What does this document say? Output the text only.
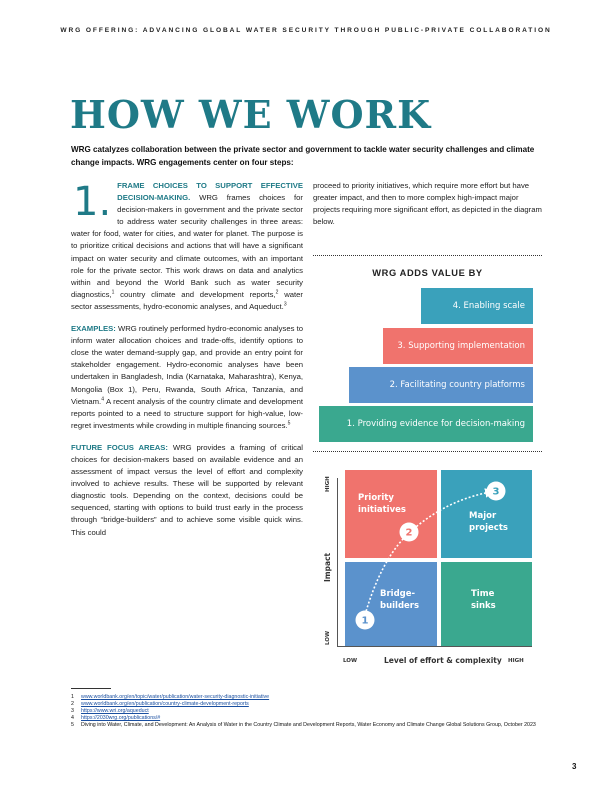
WRG OFFERING: ADVANCING GLOBAL WATER SECURITY THROUGH PUBLIC-PRIVATE COLLABORATION
HOW WE WORK

WRG catalyzes collaboration between the private sector and government to tackle water security challenges and climate change impacts. WRG engagements center on four steps:

1. FRAME CHOICES TO SUPPORT EFFECTIVE DECISION-MAKING. WRG frames choices for decision-makers in government and the private sector to address water security challenges in three areas: water for food, water for cities, and water for planet. The purpose is to prioritize critical decisions and actions that will have a significant impact on water security and climate outcomes, with an important role for the private sector. This work draws on data and analytics within and beyond the World Bank such as water security diagnostics,$^1$ country climate and development reports,$^2$ water sector assessments, hydro-economic analyses, and Aqueduct.$^3$

EXAMPLES: WRG routinely performed hydro-economic analyses to inform water allocation choices and trade-offs, identify options to close the water demand-supply gap, and provide an entry point for stakeholder engagement. Hydro-economic analyses have been undertaken in Bangladesh, India (Karnataka, Maharashtra), Kenya, Mongolia (Box 1), Peru, Rwanda, South Africa, Tanzania, and Vietnam.$^4$ A recent analysis of the country climate and development reports pointed to a need to structure support for high-value, low-regret investments while crowding in multiple financing sources.$^5$

FUTURE FOCUS AREAS: WRG provides a framing of critical choices for decision-makers based on available evidence and an assessment of impact versus the level of effort and complexity involved to achieve results. These will be supported by relevant diagnostic tools. Depending on the context, decisions could be sequenced, starting with options to build trust early in the process through “bridge-builders” and to achieve some visible quick wins. This could

proceed to priority initiatives, which require more effort but have greater impact, and then to more complex high-impact major projects requiring more significant effort, as depicted in the diagram below.

WRG ADDS VALUE BY
4. Enabling scale
3. Supporting implementation
2. Facilitating country platforms
1. Providing evidence for decision-making
Priority initiatives
Major projects
Bridge-builders
Time sinks
1
2
3
HIGH
Impact
LOW
LOW	Level of effort & complexity HIGH
1	www.worldbank.org/en/topic/water/publication/water-security-diagnostic-initiative
2	www.worldbank.org/en/publication/country-climate-development-reports
3	https://www.wri.org/aqueduct
4	https://2030wrg.org/publications/#
5	Diving into Water, Climate, and Development: An Analysis of Water in the Country Climate and Development Reports, Water Economy and Climate Change Global Solutions Group, October 2023
3
